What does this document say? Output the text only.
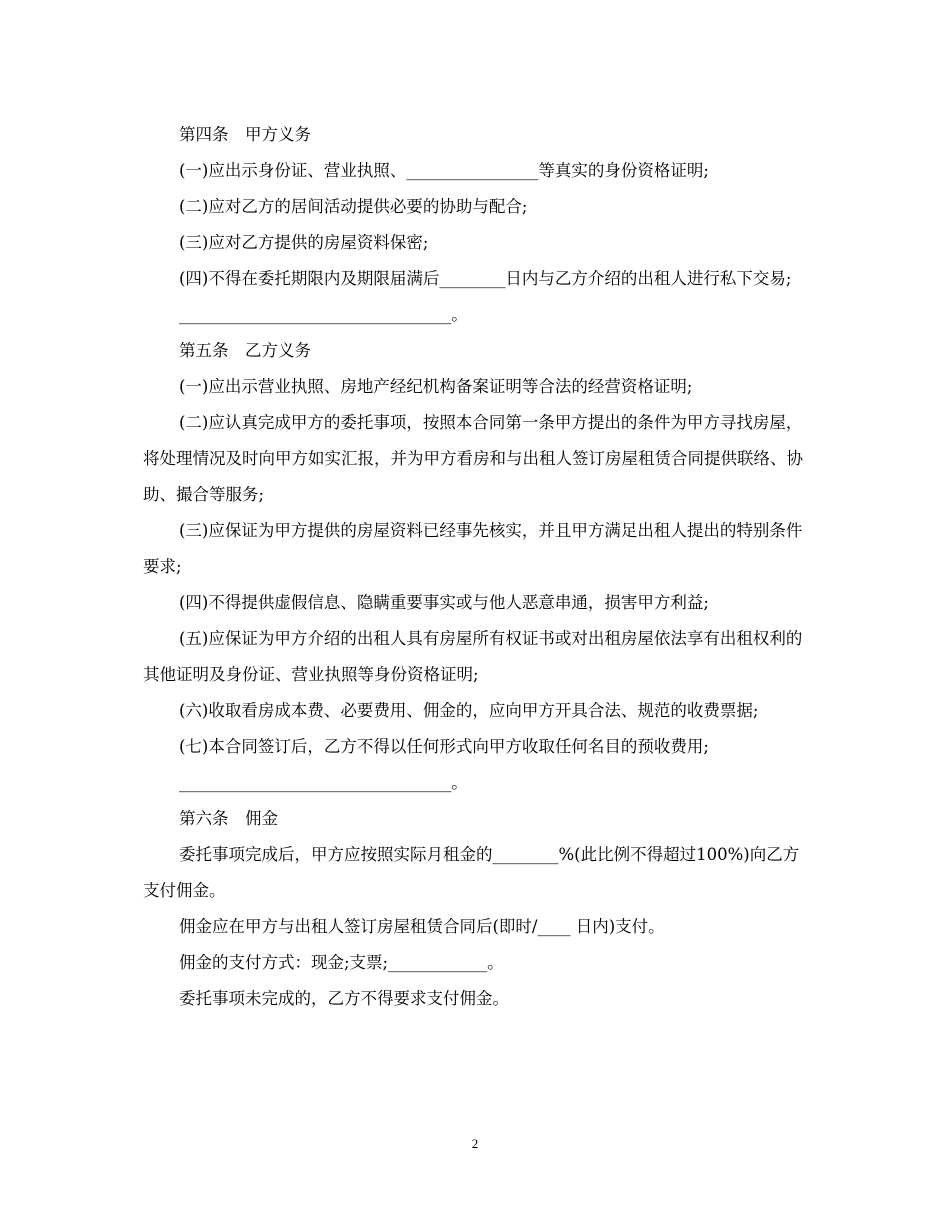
第四条　甲方义务

(一)应出示身份证、营业执照、________________等真实的身份资格证明;

(二)应对乙方的居间活动提供必要的协助与配合;

(三)应对乙方提供的房屋资料保密;

(四)不得在委托期限内及期限届满后________日内与乙方介绍的出租人进行私下交易;

_________________________________。

第五条　乙方义务

(一)应出示营业执照、房地产经纪机构备案证明等合法的经营资格证明;

(二)应认真完成甲方的委托事项，按照本合同第一条甲方提出的条件为甲方寻找房屋，将处理情况及时向甲方如实汇报，并为甲方看房和与出租人签订房屋租赁合同提供联络、协助、撮合等服务;

(三)应保证为甲方提供的房屋资料已经事先核实，并且甲方满足出租人提出的特别条件要求;

(四)不得提供虚假信息、隐瞒重要事实或与他人恶意串通，损害甲方利益;

(五)应保证为甲方介绍的出租人具有房屋所有权证书或对出租房屋依法享有出租权利的其他证明及身份证、营业执照等身份资格证明;

(六)收取看房成本费、必要费用、佣金的，应向甲方开具合法、规范的收费票据;

(七)本合同签订后，乙方不得以任何形式向甲方收取任何名目的预收费用;

_________________________________。

第六条　佣金

委托事项完成后，甲方应按照实际月租金的________%(此比例不得超过100%)向乙方支付佣金。

佣金应在甲方与出租人签订房屋租赁合同后(即时/____ 日内)支付。

佣金的支付方式：现金;支票;____________。

委托事项未完成的，乙方不得要求支付佣金。

2
